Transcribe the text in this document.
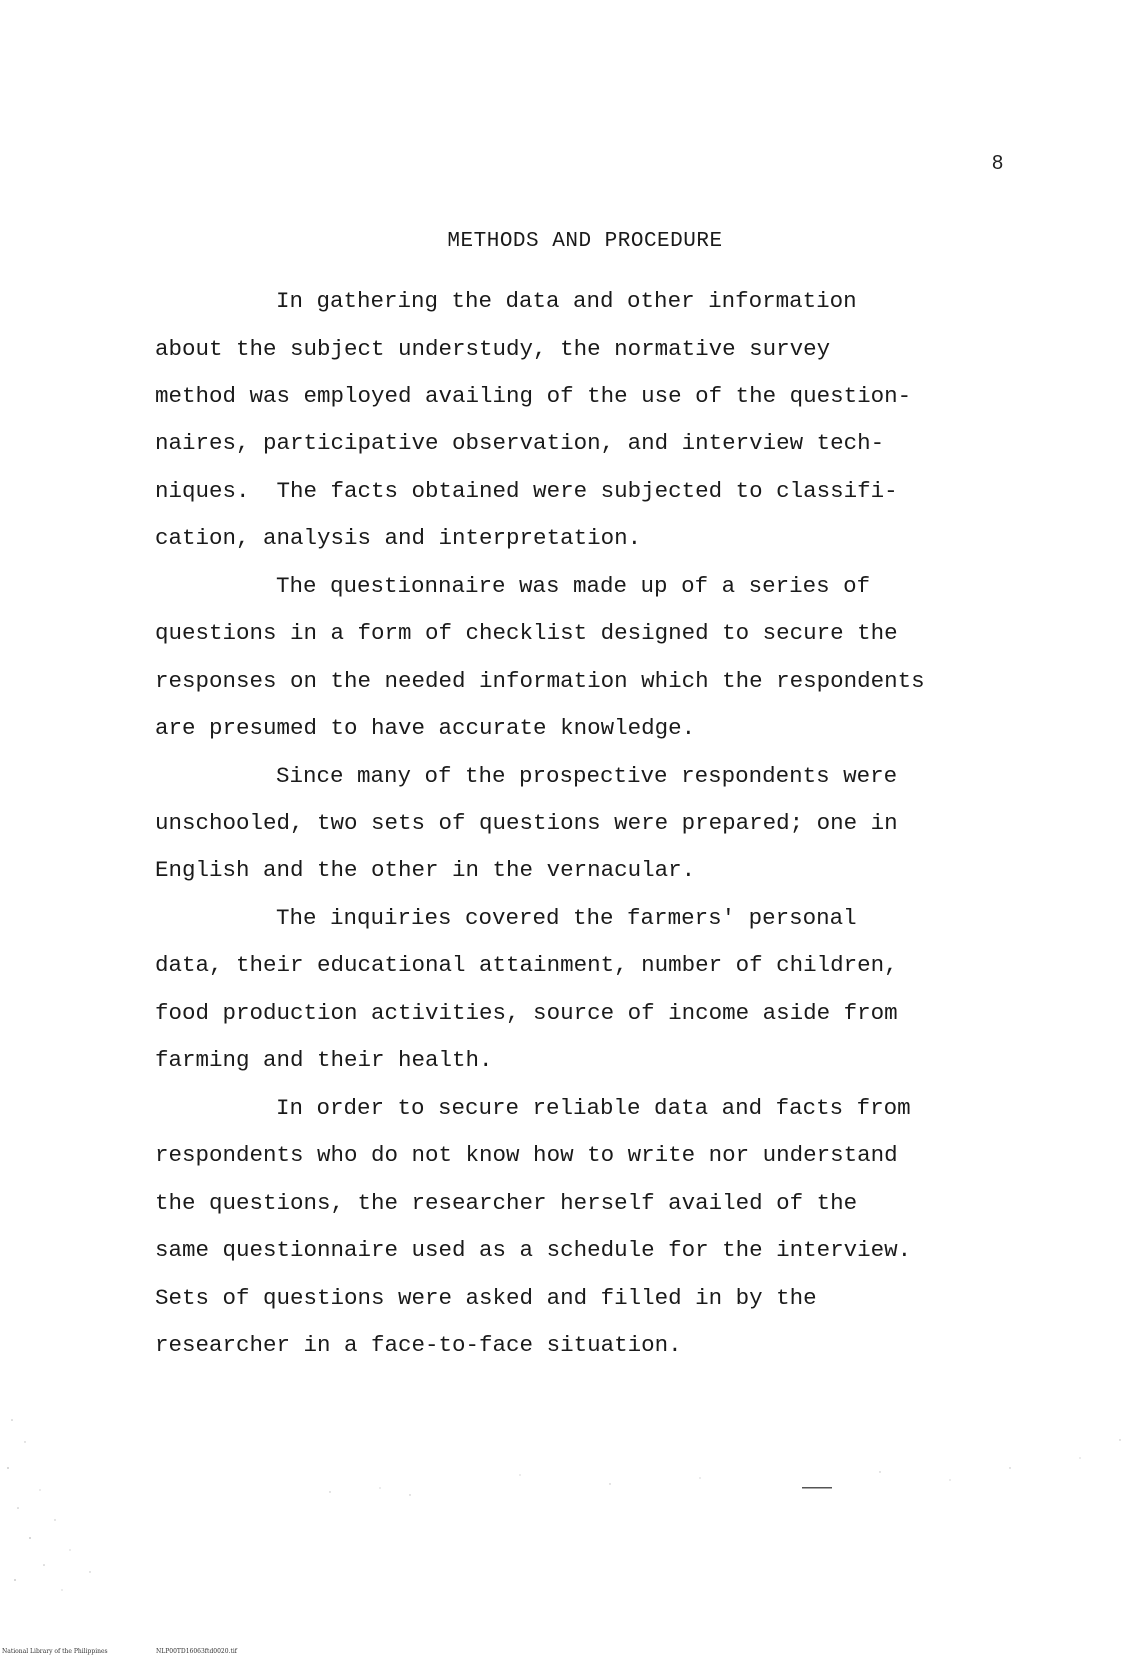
8
METHODS AND PROCEDURE
In gathering the data and other information
about the subject understudy, the normative survey
method was employed availing of the use of the question-
naires, participative observation, and interview tech-
niques.  The facts obtained were subjected to classifi-
cation, analysis and interpretation.
The questionnaire was made up of a series of
questions in a form of checklist designed to secure the
responses on the needed information which the respondents
are presumed to have accurate knowledge.
Since many of the prospective respondents were
unschooled, two sets of questions were prepared; one in
English and the other in the vernacular.
The inquiries covered the farmers' personal
data, their educational attainment, number of children,
food production activities, source of income aside from
farming and their health.
In order to secure reliable data and facts from
respondents who do not know how to write nor understand
the questions, the researcher herself availed of the
same questionnaire used as a schedule for the interview.
Sets of questions were asked and filled in by the
researcher in a face-to-face situation.
National Library of the Philippines	NLP00TD16063ftd0020.tif
